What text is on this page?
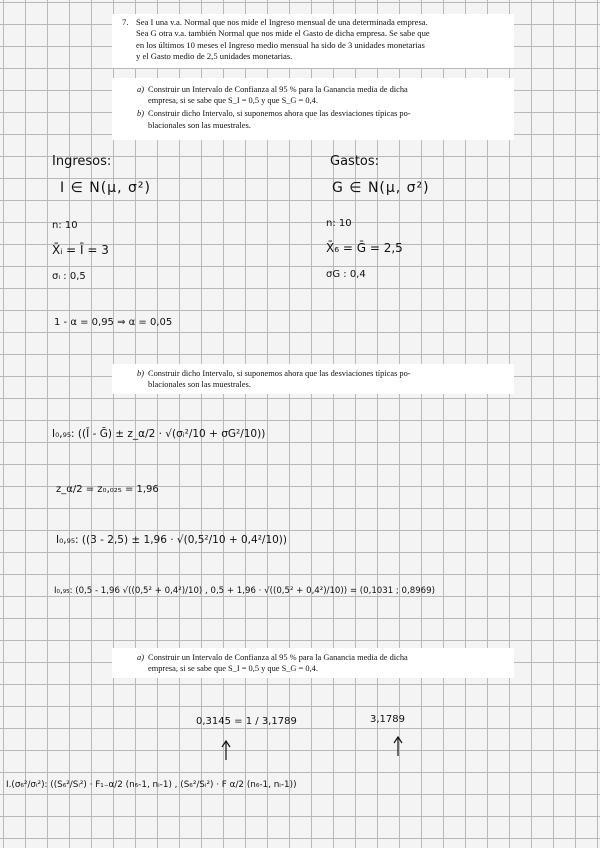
7. Sea I una v.a. Normal que nos mide el Ingreso mensual de una determinada empresa.

Sea G otra v.a. también Normal que nos mide el Gasto de dicha empresa. Se sabe que

en los últimos 10 meses el Ingreso medio mensual ha sido de 3 unidades monetarias

y el Gasto medio de 2,5 unidades monetarias.

a) Construir un Intervalo de Confianza al 95 % para la Ganancia media de dicha
empresa, si se sabe que S_I = 0,5 y que S_G = 0,4.
b) Construir dicho Intervalo, si suponemos ahora que las desviaciones típicas po-
blacionales son las muestrales.
Ingresos:
I ∈ N(μ, σ²)
n: 10
X̄ᵢ = Ī = 3
σᵢ : 0,5
Gastos:
G ∈ N(μ, σ²)
n: 10
X̄₆ = Ḡ = 2,5
σG : 0,4
1 - α = 0,95 ⇒ α = 0,05
b) Construir dicho Intervalo, si suponemos ahora que las desviaciones típicas po-
blacionales son las muestrales.
I₀,₉₅: ((Ī - Ḡ) ± z_α/2 · √(σᵢ²/10 + σG²/10))
z_α/2 = z₀,₀₂₅ = 1,96
I₀,₉₅: ((3 - 2,5) ± 1,96 · √(0,5²/10 + 0,4²/10))
I₀,₉₅: (0,5 - 1,96 √((0,5² + 0,4²)/10) , 0,5 + 1,96 · √((0,5² + 0,4²)/10)) = (0,1031 ; 0,8969)
a) Construir un Intervalo de Confianza al 95 % para la Ganancia media de dicha
empresa, si se sabe que S_I = 0,5 y que S_G = 0,4.
0,3145 = 1 / 3,1789	3,1789
I.(σ₆²/σᵢ²): ((S₆²/Sᵢ²) · F₁₋α/2 (n₆-1, nᵢ-1) , (S₆²/Sᵢ²) · F α/2 (n₆-1, nᵢ-1))
